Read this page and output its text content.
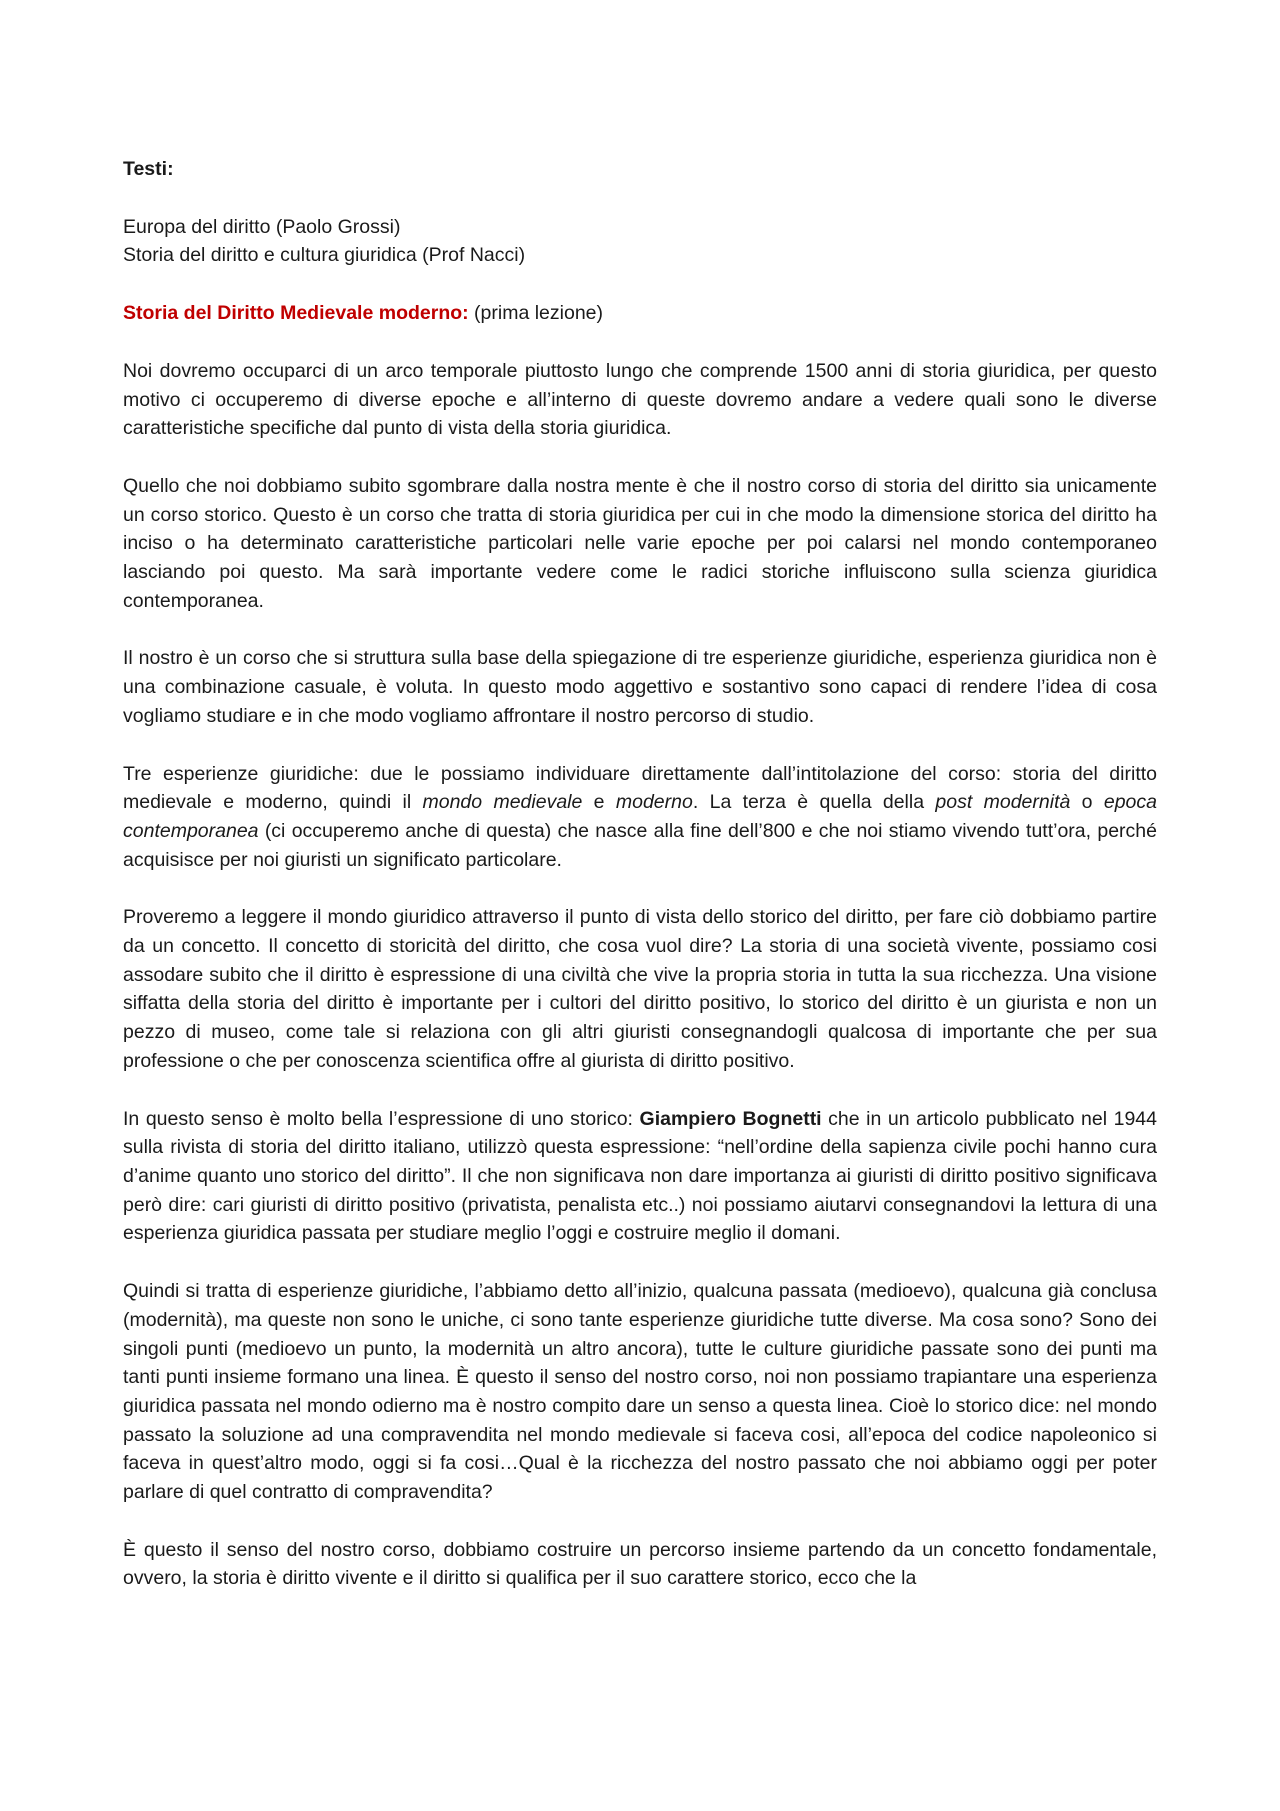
Testi:

Europa del diritto (Paolo Grossi)
Storia del diritto e cultura giuridica (Prof Nacci)
Storia del Diritto Medievale moderno: (prima lezione)

Noi dovremo occuparci di un arco temporale piuttosto lungo che comprende 1500 anni di storia giuridica, per questo motivo ci occuperemo di diverse epoche e all’interno di queste dovremo andare a vedere quali sono le diverse caratteristiche specifiche dal punto di vista della storia giuridica.

Quello che noi dobbiamo subito sgombrare dalla nostra mente è che il nostro corso di storia del diritto sia unicamente un corso storico. Questo è un corso che tratta di storia giuridica per cui in che modo la dimensione storica del diritto ha inciso o ha determinato caratteristiche particolari nelle varie epoche per poi calarsi nel mondo contemporaneo lasciando poi questo. Ma sarà importante vedere come le radici storiche influiscono sulla scienza giuridica contemporanea.

Il nostro è un corso che si struttura sulla base della spiegazione di tre esperienze giuridiche, esperienza giuridica non è una combinazione casuale, è voluta. In questo modo aggettivo e sostantivo sono capaci di rendere l’idea di cosa vogliamo studiare e in che modo vogliamo affrontare il nostro percorso di studio.

Tre esperienze giuridiche: due le possiamo individuare direttamente dall’intitolazione del corso: storia del diritto medievale e moderno, quindi il mondo medievale e moderno. La terza è quella della post modernità o epoca contemporanea (ci occuperemo anche di questa) che nasce alla fine dell’800 e che noi stiamo vivendo tutt’ora, perché acquisisce per noi giuristi un significato particolare.

Proveremo a leggere il mondo giuridico attraverso il punto di vista dello storico del diritto, per fare ciò dobbiamo partire da un concetto. Il concetto di storicità del diritto, che cosa vuol dire? La storia di una società vivente, possiamo cosi assodare subito che il diritto è espressione di una civiltà che vive la propria storia in tutta la sua ricchezza. Una visione siffatta della storia del diritto è importante per i cultori del diritto positivo, lo storico del diritto è un giurista e non un pezzo di museo, come tale si relaziona con gli altri giuristi consegnandogli qualcosa di importante che per sua professione o che per conoscenza scientifica offre al giurista di diritto positivo.

In questo senso è molto bella l’espressione di uno storico: Giampiero Bognetti che in un articolo pubblicato nel 1944 sulla rivista di storia del diritto italiano, utilizzò questa espressione: “nell’ordine della sapienza civile pochi hanno cura d’anime quanto uno storico del diritto”. Il che non significava non dare importanza ai giuristi di diritto positivo significava però dire: cari giuristi di diritto positivo (privatista, penalista etc..) noi possiamo aiutarvi consegnandovi la lettura di una esperienza giuridica passata per studiare meglio l’oggi e costruire meglio il domani.

Quindi si tratta di esperienze giuridiche, l’abbiamo detto all’inizio, qualcuna passata (medioevo), qualcuna già conclusa (modernità), ma queste non sono le uniche, ci sono tante esperienze giuridiche tutte diverse. Ma cosa sono? Sono dei singoli punti (medioevo un punto, la modernità un altro ancora), tutte le culture giuridiche passate sono dei punti ma tanti punti insieme formano una linea. È questo il senso del nostro corso, noi non possiamo trapiantare una esperienza giuridica passata nel mondo odierno ma è nostro compito dare un senso a questa linea. Cioè lo storico dice: nel mondo passato la soluzione ad una compravendita nel mondo medievale si faceva cosi, all’epoca del codice napoleonico si faceva in quest’altro modo, oggi si fa cosi…Qual è la ricchezza del nostro passato che noi abbiamo oggi per poter parlare di quel contratto di compravendita?

È questo il senso del nostro corso, dobbiamo costruire un percorso insieme partendo da un concetto fondamentale, ovvero, la storia è diritto vivente e il diritto si qualifica per il suo carattere storico, ecco che la
